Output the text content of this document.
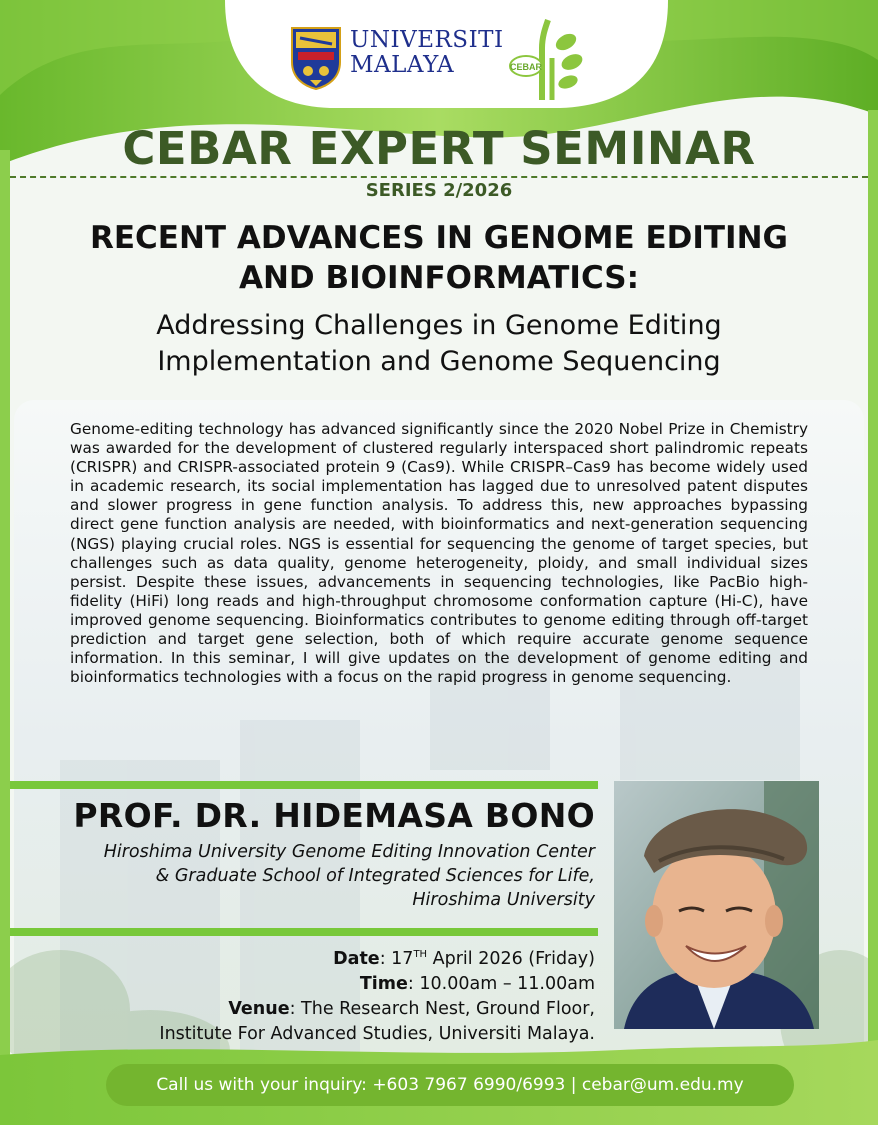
UNIVERSITI
MALAYA	CEBAR
CEBAR EXPERT SEMINAR
SERIES 2/2026
RECENT ADVANCES IN GENOME EDITING
AND BIOINFORMATICS:
Addressing Challenges in Genome Editing
Implementation and Genome Sequencing
Genome-editing technology has advanced significantly since the 2020 Nobel Prize in Chemistry was awarded for the development of clustered regularly interspaced short palindromic repeats (CRISPR) and CRISPR-associated protein 9 (Cas9). While CRISPR–Cas9 has become widely used in academic research, its social implementation has lagged due to unresolved patent disputes and slower progress in gene function analysis. To address this, new approaches bypassing direct gene function analysis are needed, with bioinformatics and next-generation sequencing (NGS) playing crucial roles. NGS is essential for sequencing the genome of target species, but challenges such as data quality, genome heterogeneity, ploidy, and small individual sizes persist. Despite these issues, advancements in sequencing technologies, like PacBio high-fidelity (HiFi) long reads and high-throughput chromosome conformation capture (Hi-C), have improved genome sequencing. Bioinformatics contributes to genome editing through off-target prediction and target gene selection, both of which require accurate genome sequence information. In this seminar, I will give updates on the development of genome editing and bioinformatics technologies with a focus on the rapid progress in genome sequencing.
PROF. DR. HIDEMASA BONO
Hiroshima University Genome Editing Innovation Center
& Graduate School of Integrated Sciences for Life,
Hiroshima University
Date: 17TH April 2026 (Friday)
Time: 10.00am – 11.00am
Venue: The Research Nest, Ground Floor,
Institute For Advanced Studies, Universiti Malaya.
Call us with your inquiry: +603 7967 6990/6993 | cebar@um.edu.my
